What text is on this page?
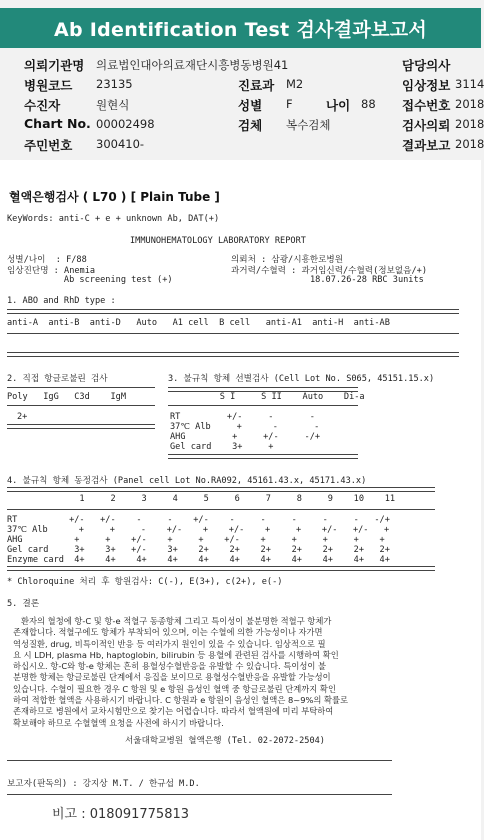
Ab Identification Test 검사결과보고서
의뢰기관명 의료법인대아의료재단시흥병동병원41	담당의사
병원코드 23135	진료과 M2	임상정보 3114
수진자	원현식	성별 F	나이 88 접수번호 2018
Chart No. 00002498	검체 복수검체	검사의뢰 2018
주민번호 300410-	결과보고 2018
혈액은행검사 ( L70 ) [ Plain Tube ]
KeyWords: anti-C + e + unknown Ab, DAT(+)
IMMUNOHEMATOLOGY LABORATORY REPORT
성별/나이  : F/88
임상진단명 : Anemia
Ab screening test (+)
의뢰처 : 삼광/시흥한로병원
과거력/수혈력 : 과거임신력/수혈력(정보없음/+)
18.07.26-28 RBC 3units
1. ABO and RhD type :
anti-A  anti-B  anti-D   Auto   A1 cell  B cell   anti-A1  anti-H  anti-AB
2. 직접 항글로불린 검사	3. 불규칙 항체 선별검사 (Cell Lot No. S065, 45151.15.x)
Poly   IgG   C3d    IgM
2+
S I     S II    Auto    Di-a
RT         +/-     -       -
37℃ Alb     +      -       -
AHG         +     +/-     -/+
Gel card    3+     +
4. 불규칙 항체 동정검사 (Panel cell Lot No.RA092, 45161.43.x, 45171.43.x)
1     2     3     4     5     6     7     8     9    10    11
RT          +/-   +/-    -     -    +/-    -     -     -     -     -   -/+
37℃ Alb      +     +     -    +/-    +    +/-    +     +    +/-   +/-   +
AHG          +     +    +/-    +     +    +/-    +     +     +     +    +
Gel card     3+    3+   +/-    3+    2+    2+    2+    2+    2+    2+   2+
Enzyme card  4+    4+    4+    4+    4+    4+    4+    4+    4+    4+   4+
* Chloroquine 처리 후 항원검사: C(-), E(3+), c(2+), e(-)
5. 결론
환자의 혈청에 항-C 및 항-e 적혈구 동종항체 그리고 특이성이 불분명한 적혈구 항체가
존재합니다. 적혈구에도 항체가 부착되어 있으며, 이는 수혈에 의한 가능성이나 자가면
역성질환, drug, 비특이적인 반응 등 여러가지 원인이 있을 수 있습니다. 임상적으로 필
요 시 LDH, plasma Hb, haptoglobin, bilirubin 등 용혈에 관련된 검사를 시행하여 확인
하십시오. 항-C와 항-e 항체는 흔히 용혈성수혈반응을 유발할 수 있습니다. 특이성이 불
분명한 항체는 항글로불린 단계에서 응집을 보이므로 용혈성수혈반응을 유발할 가능성이
있습니다. 수혈이 필요한 경우 C 항원 및 e 항원 음성인 혈액 중 항글로불린 단계까지 확인
하여 적합한 혈액을 사용하시기 바랍니다. C 항원과 e 항원이 음성인 혈액은 8~9%의 확률로
존재하므로 병원에서 교차시험만으로 찾기는 어렵습니다. 따라서 혈액원에 미리 부탁하여
확보해야 하므로 수혈혈액 요청을 사전에 하시기 바랍니다.
서울대학교병원 혈액은행 (Tel. 02-2072-2504)
보고자(판독의) : 강지상 M.T. / 한규섭 M.D.
비고 : 018091775813
